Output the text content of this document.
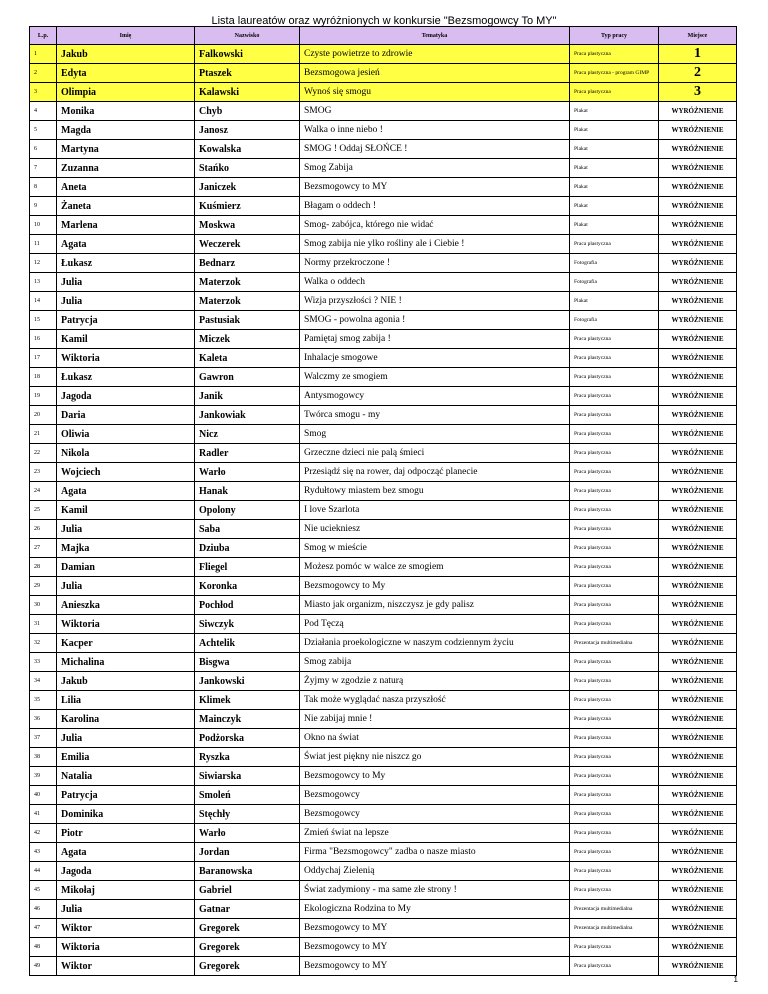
Lista laureatów oraz wyróżnionych w konkursie "Bezsmogowcy To MY"
L.p.	Imię	Nazwisko	Tematyka	Typ pracy	Miejsce
1	Jakub	Falkowski	Czyste powietrze to zdrowie	Praca plastyczna	1
2	Edyta	Ptaszek	Bezsmogowa jesień	Praca plastyczna - program GIMP	2
3	Olimpia	Kalawski	Wynoś się smogu	Praca plastyczna	3
4	Monika	Chyb	SMOG	Plakat	WYRÓŻNIENIE
5	Magda	Janosz	Walka o inne niebo !	Plakat	WYRÓŻNIENIE
6	Martyna	Kowalska	SMOG ! Oddaj SŁOŃCE !	Plakat	WYRÓŻNIENIE
7	Zuzanna	Stańko	Smog Zabija	Plakat	WYRÓŻNIENIE
8	Aneta	Janiczek	Bezsmogowcy to MY	Plakat	WYRÓŻNIENIE
9	Żaneta	Kuśmierz	Błagam o oddech !	Plakat	WYRÓŻNIENIE
10	Marlena	Moskwa	Smog- zabójca, którego nie widać	Plakat	WYRÓŻNIENIE
11	Agata	Weczerek	Smog zabija nie ylko rośliny ale i Ciebie !	Praca plastyczna	WYRÓŻNIENIE
12	Łukasz	Bednarz	Normy przekroczone !	Fotografia	WYRÓŻNIENIE
13	Julia	Materzok	Walka o oddech	Fotografia	WYRÓŻNIENIE
14	Julia	Materzok	Wizja przyszłości ? NIE !	Plakat	WYRÓŻNIENIE
15	Patrycja	Pastusiak	SMOG - powolna agonia !	Fotografia	WYRÓŻNIENIE
16	Kamil	Miczek	Pamiętaj smog zabija !	Praca plastyczna	WYRÓŻNIENIE
17	Wiktoria	Kaleta	Inhalacje smogowe	Praca plastyczna	WYRÓŻNIENIE
18	Łukasz	Gawron	Walczmy ze smogiem	Praca plastyczna	WYRÓŻNIENIE
19	Jagoda	Janik	Antysmogowcy	Praca plastyczna	WYRÓŻNIENIE
20	Daria	Jankowiak	Twórca smogu - my	Praca plastyczna	WYRÓŻNIENIE
21	Oliwia	Nicz	Smog	Praca plastyczna	WYRÓŻNIENIE
22	Nikola	Radler	Grzeczne dzieci nie palą śmieci	Praca plastyczna	WYRÓŻNIENIE
23	Wojciech	Warło	Przesiądź się na rower, daj odpocząć planecie	Praca plastyczna	WYRÓŻNIENIE
24	Agata	Hanak	Rydułtowy miastem bez smogu	Praca plastyczna	WYRÓŻNIENIE
25	Kamil	Opolony	I love Szarlota	Praca plastyczna	WYRÓŻNIENIE
26	Julia	Saba	Nie uciekniesz	Praca plastyczna	WYRÓŻNIENIE
27	Majka	Dziuba	Smog w mieście	Praca plastyczna	WYRÓŻNIENIE
28	Damian	Fliegel	Możesz pomóc w walce ze smogiem	Praca plastyczna	WYRÓŻNIENIE
29	Julia	Koronka	Bezsmogowcy to My	Praca plastyczna	WYRÓŻNIENIE
30	Anieszka	Pochłod	Miasto jak organizm, niszczysz je gdy palisz	Praca plastyczna	WYRÓŻNIENIE
31	Wiktoria	Siwczyk	Pod Tęczą	Praca plastyczna	WYRÓŻNIENIE
32	Kacper	Achtelik	Działania proekologiczne w naszym codziennym życiu	Prezentacja multimedialna	WYRÓŻNIENIE
33	Michalina	Bisgwa	Smog zabija	Praca plastyczna	WYRÓŻNIENIE
34	Jakub	Jankowski	Żyjmy w zgodzie z naturą	Praca plastyczna	WYRÓŻNIENIE
35	Lilia	Klimek	Tak może wyglądać nasza przyszłość	Praca plastyczna	WYRÓŻNIENIE
36	Karolina	Mainczyk	Nie zabijaj mnie !	Praca plastyczna	WYRÓŻNIENIE
37	Julia	Podżorska	Okno na świat	Praca plastyczna	WYRÓŻNIENIE
38	Emilia	Ryszka	Świat jest piękny nie niszcz go	Praca plastyczna	WYRÓŻNIENIE
39	Natalia	Siwiarska	Bezsmogowcy to My	Praca plastyczna	WYRÓŻNIENIE
40	Patrycja	Smoleń	Bezsmogowcy	Praca plastyczna	WYRÓŻNIENIE
41	Dominika	Stęchły	Bezsmogowcy	Praca plastyczna	WYRÓŻNIENIE
42	Piotr	Warło	Zmień świat na lepsze	Praca plastyczna	WYRÓŻNIENIE
43	Agata	Jordan	Firma "Bezsmogowcy" zadba o nasze miasto	Praca plastyczna	WYRÓŻNIENIE
44	Jagoda	Baranowska	Oddychaj Zielenią	Praca plastyczna	WYRÓŻNIENIE
45	Mikołaj	Gabriel	Świat zadymiony - ma same złe strony !	Praca plastyczna	WYRÓŻNIENIE
46	Julia	Gatnar	Ekologiczna Rodzina to My	Prezentacja multimedialna	WYRÓŻNIENIE
47	Wiktor	Gregorek	Bezsmogowcy to MY	Prezentacja multimedialna	WYRÓŻNIENIE
48	Wiktoria	Gregorek	Bezsmogowcy to MY	Praca plastyczna	WYRÓŻNIENIE
49	Wiktor	Gregorek	Bezsmogowcy to MY	Praca plastyczna	WYRÓŻNIENIE
1
